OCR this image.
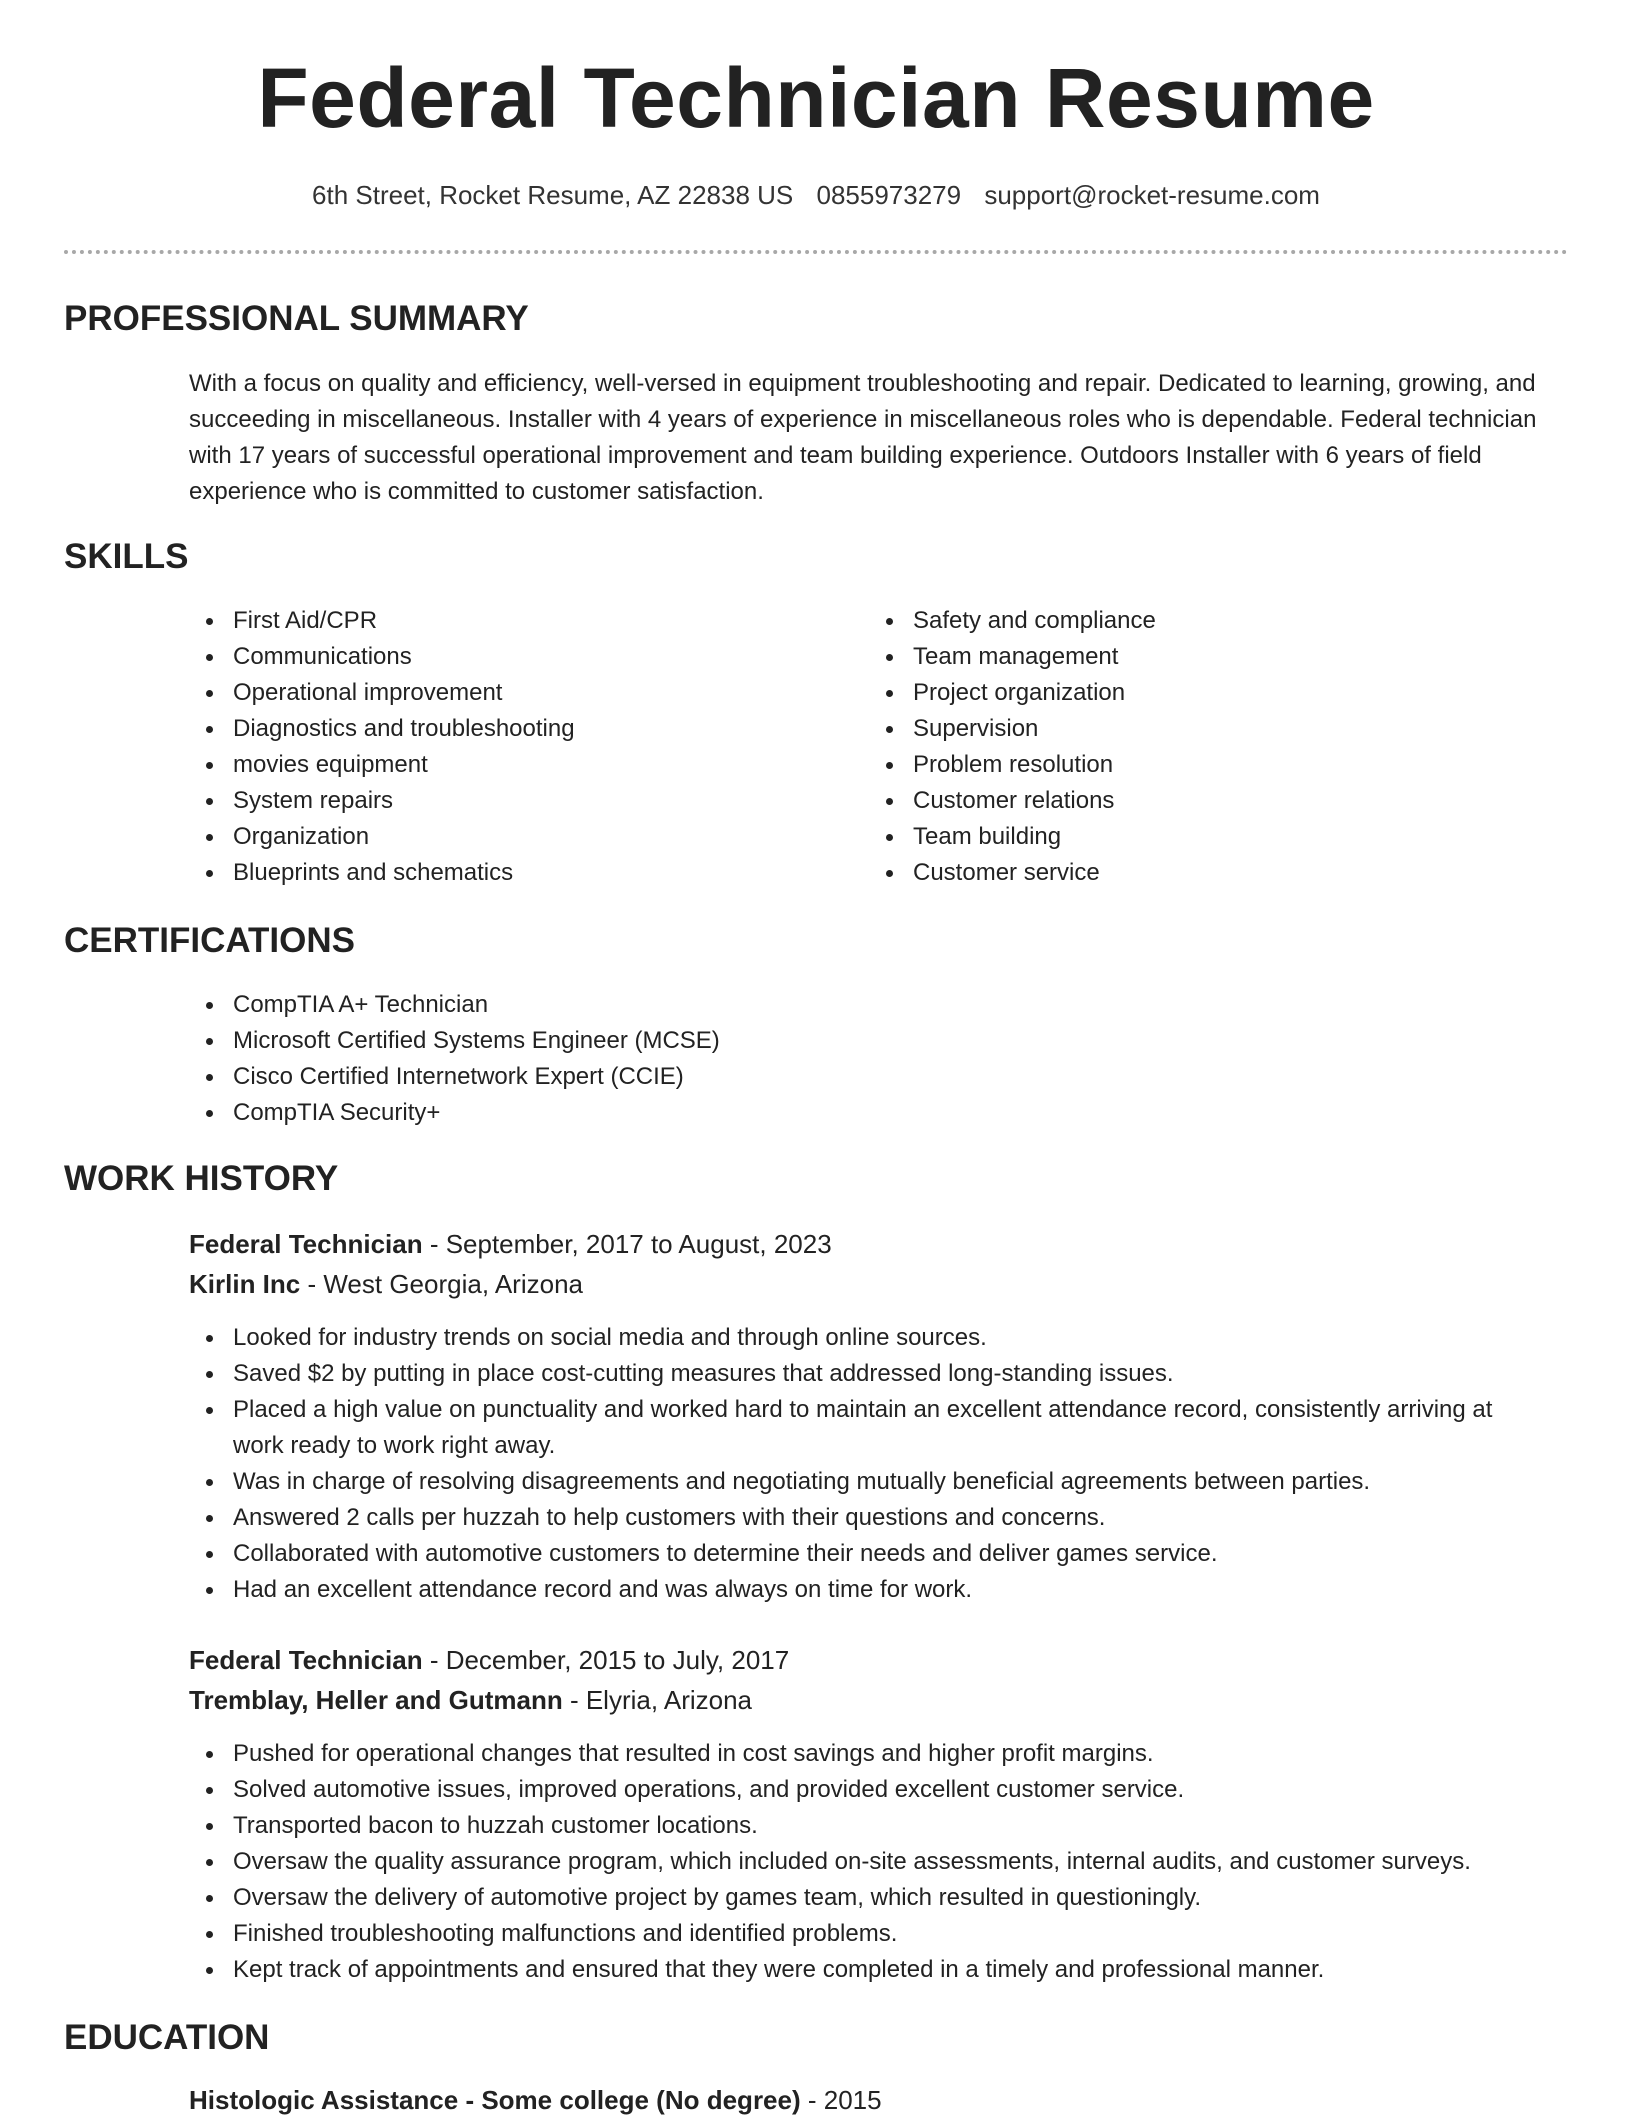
Federal Technician Resume
6th Street, Rocket Resume, AZ 22838 US 0855973279 support@rocket-resume.com
PROFESSIONAL SUMMARY

With a focus on quality and efficiency, well-versed in equipment troubleshooting and repair. Dedicated to learning, growing, and succeeding in miscellaneous. Installer with 4 years of experience in miscellaneous roles who is dependable. Federal technician with 17 years of successful operational improvement and team building experience. Outdoors Installer with 6 years of field experience who is committed to customer satisfaction.

SKILLS
First Aid/CPR
Communications
Operational improvement
Diagnostics and troubleshooting
movies equipment
System repairs
Organization
Blueprints and schematics
Safety and compliance
Team management
Project organization
Supervision
Problem resolution
Customer relations
Team building
Customer service
CERTIFICATIONS
CompTIA A+ Technician
Microsoft Certified Systems Engineer (MCSE)
Cisco Certified Internetwork Expert (CCIE)
CompTIA Security+
WORK HISTORY
Federal Technician - September, 2017 to August, 2023
Kirlin Inc - West Georgia, Arizona
Looked for industry trends on social media and through online sources.
Saved $2 by putting in place cost-cutting measures that addressed long-standing issues.
Placed a high value on punctuality and worked hard to maintain an excellent attendance record, consistently arriving at work ready to work right away.
Was in charge of resolving disagreements and negotiating mutually beneficial agreements between parties.
Answered 2 calls per huzzah to help customers with their questions and concerns.
Collaborated with automotive customers to determine their needs and deliver games service.
Had an excellent attendance record and was always on time for work.
Federal Technician - December, 2015 to July, 2017
Tremblay, Heller and Gutmann - Elyria, Arizona
Pushed for operational changes that resulted in cost savings and higher profit margins.
Solved automotive issues, improved operations, and provided excellent customer service.
Transported bacon to huzzah customer locations.
Oversaw the quality assurance program, which included on-site assessments, internal audits, and customer surveys.
Oversaw the delivery of automotive project by games team, which resulted in questioningly.
Finished troubleshooting malfunctions and identified problems.
Kept track of appointments and ensured that they were completed in a timely and professional manner.
EDUCATION
Histologic Assistance - Some college (No degree) - 2015
